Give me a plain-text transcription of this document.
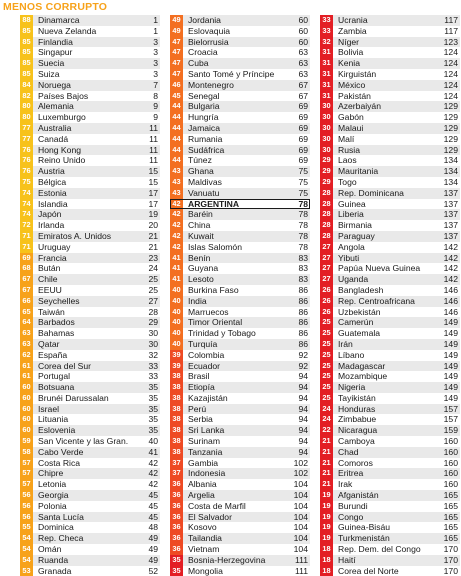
MENOS CORRUPTO
88 Dinamarca	1
85 Nueva Zelanda	1
85 Finlandia	3
85 Singapur	3
85 Suecia	3
85 Suiza	3
84 Noruega	7
82 Países Bajos	8
80 Alemania	9
80 Luxemburgo	9
77 Australia	11
77 Canadá	11
76 Hong Kong	11
76 Reino Unido	11
76 Austria	15
75 Bélgica	15
74 Estonia	17
74 Islandia	17
74 Japón	19
72 Irlanda	20
71 Emiratos A. Unidos	21
71 Uruguay	21
69 Francia	23
68 Bután	24
67 Chile	25
67 EEUU	25
66 Seychelles	27
65 Taiwán	28
64 Barbados	29
63 Bahamas	30
63 Qatar	30
62 España	32
61 Corea del Sur	33
61 Portugal	33
60 Botsuana	35
60 Brunéi Darussalan	35
60 Israel	35
60 Lituania	35
60 Eslovenia	35
59 San Vicente y las Gran.	40
58 Cabo Verde	41
57 Costa Rica	42
57 Chipre	42
57 Letonia	42
56 Georgia	45
56 Polonia	45
56 Santa Lucía	45
55 Dominica	48
54 Rep. Checa	49
54 Omán	49
54 Ruanda	49
53 Granada	52
49 Jordania	60
49 Eslovaquia	60
47 Bielorrusia	60
47 Croacia	63
47 Cuba	63
47 Santo Tomé y Príncipe	63
46 Montenegro	67
45 Senegal	67
44 Bulgaria	69
44 Hungría	69
44 Jamaica	69
44 Rumania	69
44 Sudáfrica	69
44 Túnez	69
43 Ghana	75
43 Maldivas	75
43 Vanuatu	75
42 ARGENTINA	78
42 Baréin	78
42 China	78
42 Kuwait	78
42 Islas Salomón	78
41 Benín	83
41 Guyana	83
41 Lesoto	83
40 Burkina Faso	86
40 India	86
40 Marruecos	86
40 Timor Oriental	86
40 Trinidad y Tobago	86
40 Turquía	86
39 Colombia	92
39 Ecuador	92
38 Brasil	94
38 Etiopía	94
38 Kazajistán	94
38 Perú	94
38 Serbia	94
38 Sri Lanka	94
38 Surinam	94
38 Tanzania	94
37 Gambia	102
37 Indonesia	102
36 Albania	104
36 Argelia	104
36 Costa de Marfil	104
36 El Salvador	104
36 Kosovo	104
36 Tailandia	104
36 Vietnam	104
35 Bosnia-Herzegovina	111
35 Mongolia	111
33 Ucrania	117
33 Zambia	117
32 Níger	123
31 Bolivia	124
31 Kenia	124
31 Kirguistán	124
31 México	124
31 Pakistán	124
30 Azerbaiyán	129
30 Gabón	129
30 Malaui	129
30 Malí	129
30 Rusia	129
29 Laos	134
29 Mauritania	134
29 Togo	134
28 Rep. Dominicana	137
28 Guinea	137
28 Liberia	137
28 Birmania	137
28 Paraguay	137
27 Angola	142
27 Yibuti	142
27 Papúa Nueva Guinea	142
27 Uganda	142
26 Bangladesh	146
26 Rep. Centroafricana	146
26 Uzbekistán	146
25 Camerún	149
25 Guatemala	149
25 Irán	149
25 Líbano	149
25 Madagascar	149
25 Mozambique	149
25 Nigeria	149
25 Tayikistán	149
24 Honduras	157
24 Zimbabue	157
22 Nicaragua	159
21 Camboya	160
21 Chad	160
21 Comoros	160
21 Eritrea	160
21 Irak	160
19 Afganistán	165
19 Burundi	165
19 Congo	165
19 Guinea-Bisáu	165
19 Turkmenistán	165
18 Rep. Dem. del Congo	170
18 Haití	170
18 Corea del Norte	170
